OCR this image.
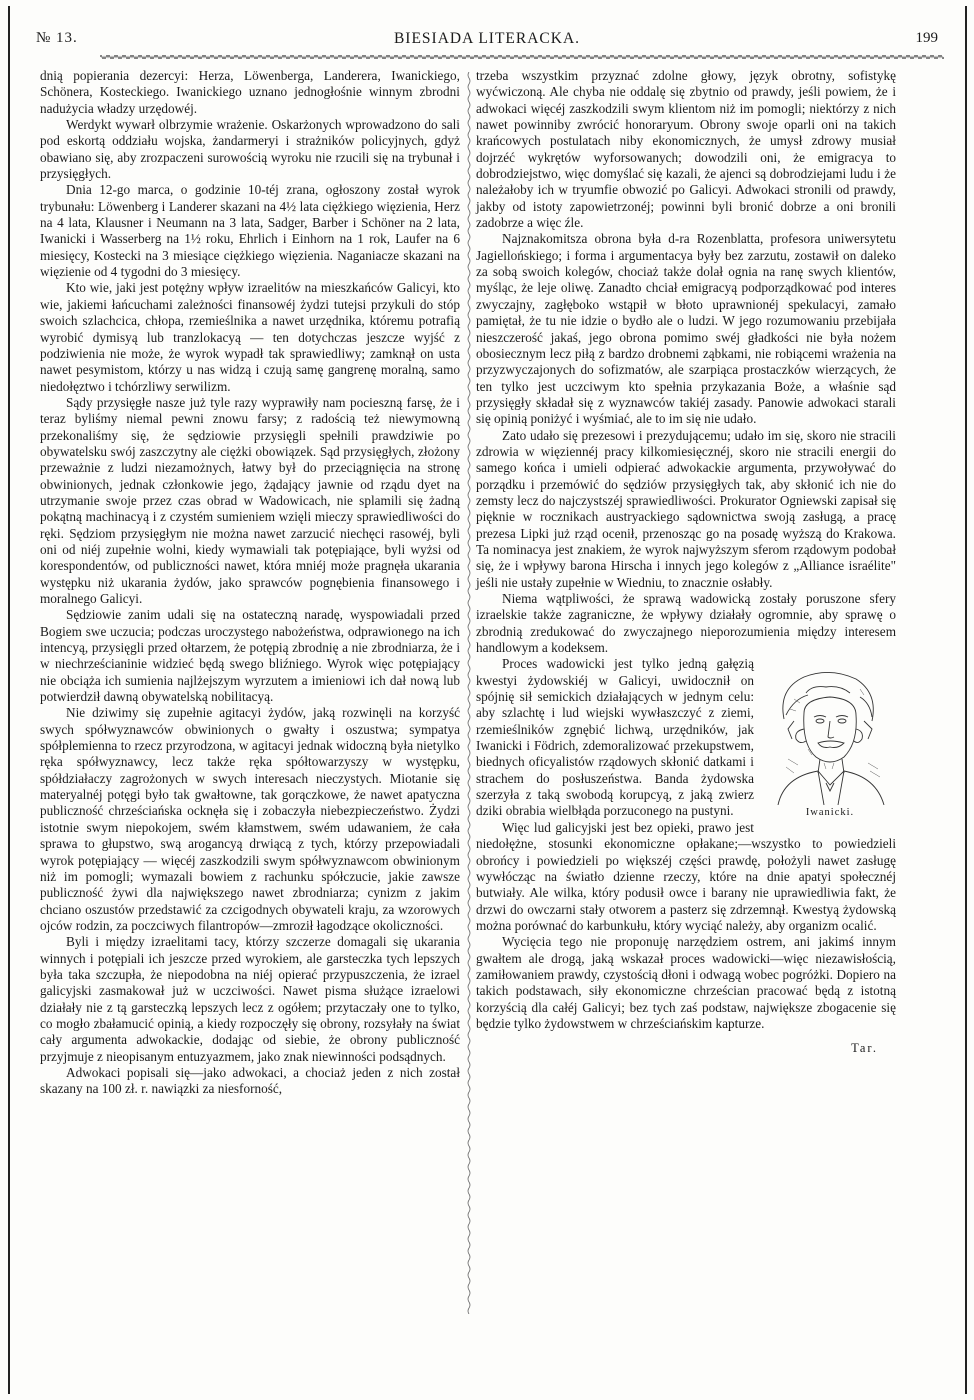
№ 13.	BIESIADA LITERACKA.	199

dnią popierania dezercyi: Herza, Löwenberga, Landerera, Iwanickiego, Schönera, Kosteckiego. Iwanickiego uznano jednogłośnie winnym zbrodni nadużycia władzy urzędowéj.

Werdykt wywarł olbrzymie wrażenie. Oskarżonych wprowadzono do sali pod eskortą oddziału wojska, żandarmeryi i strażników policyjnych, gdyż obawiano się, aby zrozpaczeni surowością wyroku nie rzucili się na trybunał i przysięgłych.

Dnia 12-go marca, o godzinie 10-téj zrana, ogłoszony został wyrok trybunału: Löwenberg i Landerer skazani na 4½ lata ciężkiego więzienia, Herz na 4 lata, Klausner i Neumann na 3 lata, Sadger, Barber i Schöner na 2 lata, Iwanicki i Wasserberg na 1½ roku, Ehrlich i Einhorn na 1 rok, Laufer na 6 miesięcy, Kostecki na 3 miesiące ciężkiego więzienia. Naganiacze skazani na więzienie od 4 tygodni do 3 miesięcy.

Kto wie, jaki jest potężny wpływ izraelitów na mieszkańców Galicyi, kto wie, jakiemi łańcuchami zależności finansowéj żydzi tutejsi przykuli do stóp swoich szlachcica, chłopa, rzemieślnika a nawet urzędnika, któremu potrafią wyrobić dymisyą lub tranzlokacyą — ten dotychczas jeszcze wyjść z podziwienia nie może, że wyrok wypadł tak sprawiedliwy; zamknął on usta nawet pesymistom, którzy u nas widzą i czują samę gangrenę moralną, samo niedołęztwo i tchórzliwy serwilizm.

Sądy przysięgłe nasze już tyle razy wyprawiły nam pocieszną farsę, że i teraz byliśmy niemal pewni znowu farsy; z radością też niewymowną przekonaliśmy się, że sędziowie przysięgli spełnili prawdziwie po obywatelsku swój zaszczytny ale ciężki obowiązek. Sąd przysięgłych, złożony przeważnie z ludzi niezamożnych, łatwy był do przeciągnięcia na stronę obwinionych, jednak członkowie jego, żądający jawnie od rządu dyet na utrzymanie swoje przez czas obrad w Wadowicach, nie splamili się żadną pokątną machinacyą i z czystém sumieniem wzięli mieczy sprawiedliwości do ręki. Sędziom przysięgłym nie można nawet zarzucić niechęci rasowéj, byli oni od niéj zupełnie wolni, kiedy wymawiali tak potępiające, byli wyżsi od korespondentów, od publiczności nawet, która mniéj może pragnęła ukarania występku niż ukarania żydów, jako sprawców pognębienia finansowego i moralnego Galicyi.

Sędziowie zanim udali się na ostateczną naradę, wyspowiadali przed Bogiem swe uczucia; podczas uroczystego nabożeństwa, odprawionego na ich intencyą, przysięgli przed ołtarzem, że potępią zbrodnię a nie zbrodniarza, że i w niechrześcianinie widzieć będą swego bliźniego. Wyrok więc potępiający nie obciąża ich sumienia najlżejszym wyrzutem a imieniowi ich dał nową lub potwierdził dawną obywatelską nobilitacyą.

Nie dziwimy się zupełnie agitacyi żydów, jaką rozwinęli na korzyść swych spółwyznawców obwinionych o gwałty i oszustwa; sympatya spółplemienna to rzecz przyrodzona, w agitacyi jednak widoczną była nietylko ręka spółwyznawcy, lecz także ręka spółtowarzyszy w występku, spółdziałaczy zagrożonych w swych interesach nieczystych. Miotanie się materyalnéj potęgi było tak gwałtowne, tak gorączkowe, że nawet apatyczna publiczność chrześciańska ocknęła się i zobaczyła niebezpieczeństwo. Żydzi istotnie swym niepokojem, swém kłamstwem, swém udawaniem, że cała sprawa to głupstwo, swą arogancyą drwiącą z tych, którzy przepowiadali wyrok potępiający — więcéj zaszkodzili swym spółwyznawcom obwinionym niż im pomogli; wymazali bowiem z rachunku spółczucie, jakie zawsze publiczność żywi dla największego nawet zbrodniarza; cynizm z jakim chciano oszustów przedstawić za czcigodnych obywateli kraju, za wzorowych ojców rodzin, za poczciwych filantropów—zmroził łagodzące okoliczności.

Byli i między izraelitami tacy, którzy szczerze domagali się ukarania winnych i potępiali ich jeszcze przed wyrokiem, ale garsteczka tych lepszych była taka szczupła, że niepodobna na niéj opierać przypuszczenia, że izrael galicyjski zasmakował już w uczciwości. Nawet pisma służące izraelowi działały nie z tą garsteczką lepszych lecz z ogółem; przytaczały one to tylko, co mogło zbałamucić opinią, a kiedy rozpoczęły się obrony, rozsyłały na świat cały argumenta adwokackie, dodając od siebie, że obrony publiczność przyjmuje z nieopisanym entuzyazmem, jako znak niewinności podsądnych.

Adwokaci popisali się—jako adwokaci, a chociaż jeden z nich został skazany na 100 zł. r. nawiązki za niesforność,

trzeba wszystkim przyznać zdolne głowy, język obrotny, sofistykę wyćwiczoną. Ale chyba nie oddalę się zbytnio od prawdy, jeśli powiem, że i adwokaci więcéj zaszkodzili swym klientom niż im pomogli; niektórzy z nich nawet powinniby zwrócić honoraryum. Obrony swoje oparli oni na takich krańcowych postulatach niby ekonomicznych, że umysł zdrowy musiał dojrzéć wykrętów wyforsowanych; dowodzili oni, że emigracya to dobrodziejstwo, więc domyślać się kazali, że ajenci są dobrodziejami ludu i że należałoby ich w tryumfie obwozić po Galicyi. Adwokaci stronili od prawdy, jakby od istoty zapowietrzonéj; powinni byli bronić dobrze a oni bronili zadobrze a więc źle.

Najznakomitsza obrona była d-ra Rozenblatta, profesora uniwersytetu Jagiellońskiego; i forma i argumentacya były bez zarzutu, zostawił on daleko za sobą swoich kolegów, chociaż także dolał ognia na ranę swych klientów, myśląc, że leje oliwę. Zanadto chciał emigracyą podporządkować pod interes zwyczajny, zagłęboko wstąpił w błoto uprawnionéj spekulacyi, zamało pamiętał, że tu nie idzie o bydło ale o ludzi. W jego rozumowaniu przebijała nieszczerość jakaś, jego obrona pomimo swéj gładkości nie była nożem obosiecznym lecz piłą z bardzo drobnemi ząbkami, nie robiącemi wrażenia na przyzwyczajonych do sofizmatów, ale szarpiąca prostaczków wierzących, że ten tylko jest uczciwym kto spełnia przykazania Boże, a właśnie sąd przysięgły składał się z wyznawców takiéj zasady. Panowie adwokaci starali się opinią poniżyć i wyśmiać, ale to im się nie udało.

Zato udało się prezesowi i prezydującemu; udało im się, skoro nie stracili zdrowia w więziennéj pracy kilkomiesięcznéj, skoro nie stracili energii do samego końca i umieli odpierać adwokackie argumenta, przywoływać do porządku i przemówić do sędziów przysięgłych tak, aby skłonić ich nie do zemsty lecz do najczystszéj sprawiedliwości. Prokurator Ogniewski zapisał się pięknie w rocznikach austryackiego sądownictwa swoją zasługą, a pracę prezesa Lipki już rząd ocenił, przenosząc go na posadę wyższą do Krakowa. Ta nominacya jest znakiem, że wyrok najwyższym sferom rządowym podobał się, że i wpływy barona Hirscha i innych jego kolegów z „Alliance israélite" jeśli nie ustały zupełnie w Wiedniu, to znacznie osłabły.

Niema wątpliwości, że sprawą wadowicką zostały poruszone sfery izraelskie także zagraniczne, że wpływy działały ogromnie, aby sprawę o zbrodnią zredukować do zwyczajnego nieporozumienia między interesem handlowym a kodeksem.

Iwanicki.

Proces wadowicki jest tylko jedną gałęzią kwestyi żydowskiéj w Galicyi, uwidocznił on spójnię sił semickich działających w jednym celu: aby szlachtę i lud wiejski wywłaszczyć z ziemi, rzemieślników zgnębić lichwą, urzędników, jak Iwanicki i Födrich, zdemoralizować przekupstwem, biednych oficyalistów rządowych skłonić datkami i strachem do posłuszeństwa. Banda żydowska szerzyła z taką swobodą korupcyą, z jaką zwierz dziki obrabia wielbłąda porzuconego na pustyni.

Więc lud galicyjski jest bez opieki, prawo jest niedołężne, stosunki ekonomiczne opłakane;—wszystko to powiedzieli obrońcy i powiedzieli po większéj części prawdę, położyli nawet zasługę wywłócząc na światło dzienne rzeczy, które na dnie apatyi społecznéj butwiały. Ale wilka, który podusił owce i barany nie uprawiedliwia fakt, że drzwi do owczarni stały otworem a pasterz się zdrzemnął. Kwestyą żydowską można porównać do karbunkułu, który wyciąć należy, aby organizm ocalić.

Wycięcia tego nie proponuję narzędziem ostrem, ani jakimś innym gwałtem ale drogą, jaką wskazał proces wadowicki—więc niezawisłością, zamiłowaniem prawdy, czystością dłoni i odwagą wobec pogróżki. Dopiero na takich podstawach, siły ekonomiczne chrześcian pracować będą z istotną korzyścią dla całéj Galicyi; bez tych zaś podstaw, największe zbogacenie się będzie tylko żydowstwem w chrześciańskim kapturze.

Tar.
